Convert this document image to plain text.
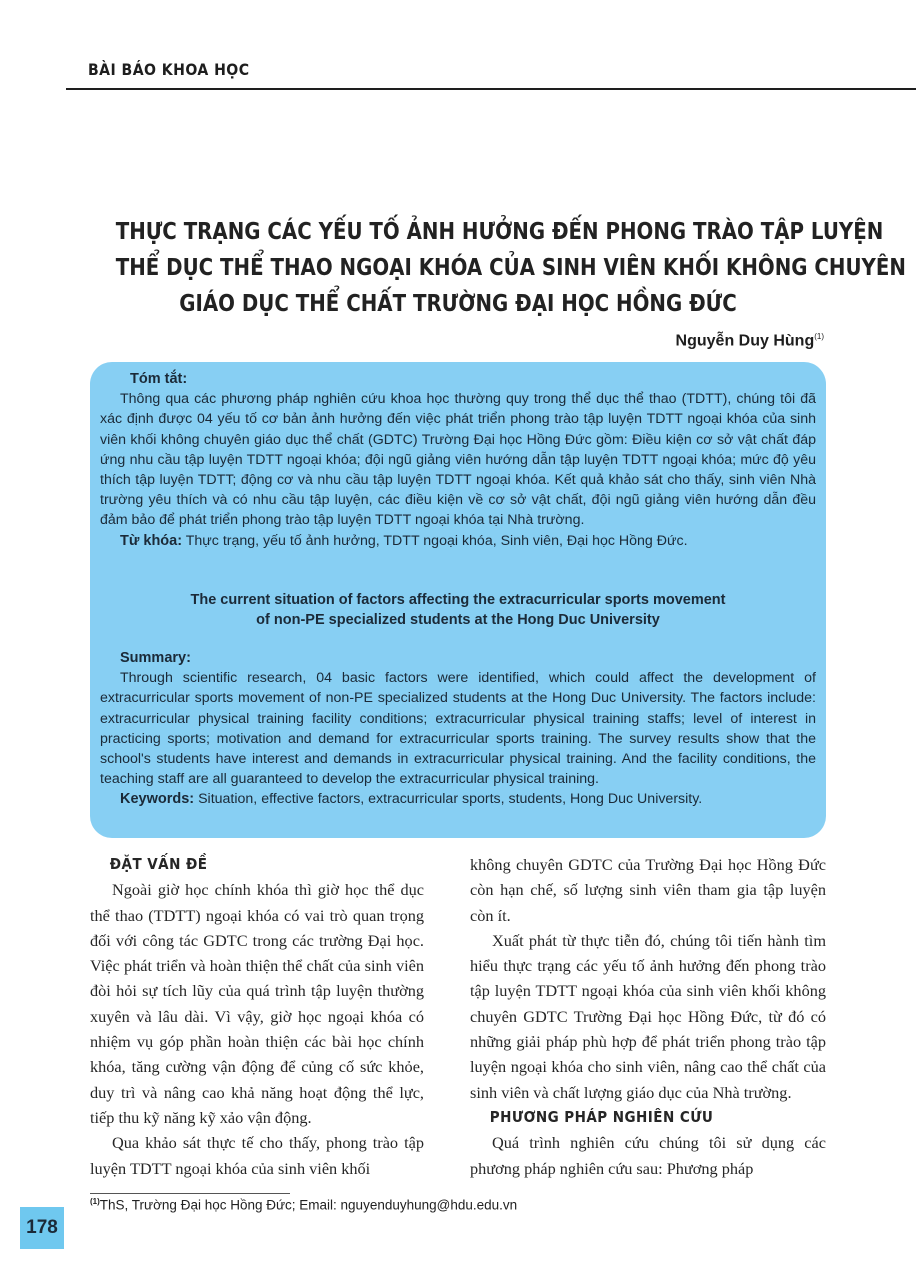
BÀI BÁO KHOA HỌC
THỰC TRẠNG CÁC YẾU TỐ ẢNH HƯỞNG ĐẾN PHONG TRÀO TẬP LUYỆN
THỂ DỤC THỂ THAO NGOẠI KHÓA CỦA SINH VIÊN KHỐI KHÔNG CHUYÊN
GIÁO DỤC THỂ CHẤT TRƯỜNG ĐẠI HỌC HỒNG ĐỨC
Nguyễn Duy Hùng$^{(1)}$
Tóm tắt:
Thông qua các phương pháp nghiên cứu khoa học thường quy trong thể dục thể thao (TDTT), chúng tôi đã xác định được 04 yếu tố cơ bản ảnh hưởng đến việc phát triển phong trào tập luyện TDTT ngoại khóa của sinh viên khối không chuyên giáo dục thể chất (GDTC) Trường Đại học Hồng Đức gồm: Điều kiện cơ sở vật chất đáp ứng nhu cầu tập luyện TDTT ngoại khóa; đội ngũ giảng viên hướng dẫn tập luyện TDTT ngoại khóa; mức độ yêu thích tập luyện TDTT; động cơ và nhu cầu tập luyện TDTT ngoại khóa. Kết quả khảo sát cho thấy, sinh viên Nhà trường yêu thích và có nhu cầu tập luyện, các điều kiện về cơ sở vật chất, đội ngũ giảng viên hướng dẫn đều đảm bảo để phát triển phong trào tập luyện TDTT ngoại khóa tại Nhà trường.
Từ khóa: Thực trạng, yếu tố ảnh hưởng, TDTT ngoại khóa, Sinh viên, Đại học Hồng Đức.
The current situation of factors affecting the extracurricular sports movement
of non-PE specialized students at the Hong Duc University
Summary:
Through scientific research, 04 basic factors were identified, which could affect the development of extracurricular sports movement of non-PE specialized students at the Hong Duc University. The factors include: extracurricular physical training facility conditions; extracurricular physical training staffs; level of interest in practicing sports; motivation and demand for extracurricular sports training. The survey results show that the school's students have interest and demands in extracurricular physical training. And the facility conditions, the teaching staff are all guaranteed to develop the extracurricular physical training.
Keywords: Situation, effective factors, extracurricular sports, students, Hong Duc University.
ĐẶT VẤN ĐỀ
Ngoài giờ học chính khóa thì giờ học thể dục thể thao (TDTT) ngoại khóa có vai trò quan trọng đối với công tác GDTC trong các trường Đại học. Việc phát triển và hoàn thiện thể chất của sinh viên đòi hỏi sự tích lũy của quá trình tập luyện thường xuyên và lâu dài. Vì vậy, giờ học ngoại khóa có nhiệm vụ góp phần hoàn thiện các bài học chính khóa, tăng cường vận động để củng cố sức khỏe, duy trì và nâng cao khả năng hoạt động thể lực, tiếp thu kỹ năng kỹ xảo vận động.
Qua khảo sát thực tế cho thấy, phong trào tập luyện TDTT ngoại khóa của sinh viên khối
không chuyên GDTC của Trường Đại học Hồng Đức còn hạn chế, số lượng sinh viên tham gia tập luyện còn ít.
Xuất phát từ thực tiễn đó, chúng tôi tiến hành tìm hiểu thực trạng các yếu tố ảnh hưởng đến phong trào tập luyện TDTT ngoại khóa của sinh viên khối không chuyên GDTC Trường Đại học Hồng Đức, từ đó có những giải pháp phù hợp để phát triển phong trào tập luyện ngoại khóa cho sinh viên, nâng cao thể chất của sinh viên và chất lượng giáo dục của Nhà trường.
PHƯƠNG PHÁP NGHIÊN CỨU
Quá trình nghiên cứu chúng tôi sử dụng các phương pháp nghiên cứu sau: Phương pháp
$^{(1)}$ThS, Trường Đại học Hồng Đức; Email: nguyenduyhung@hdu.edu.vn
178
